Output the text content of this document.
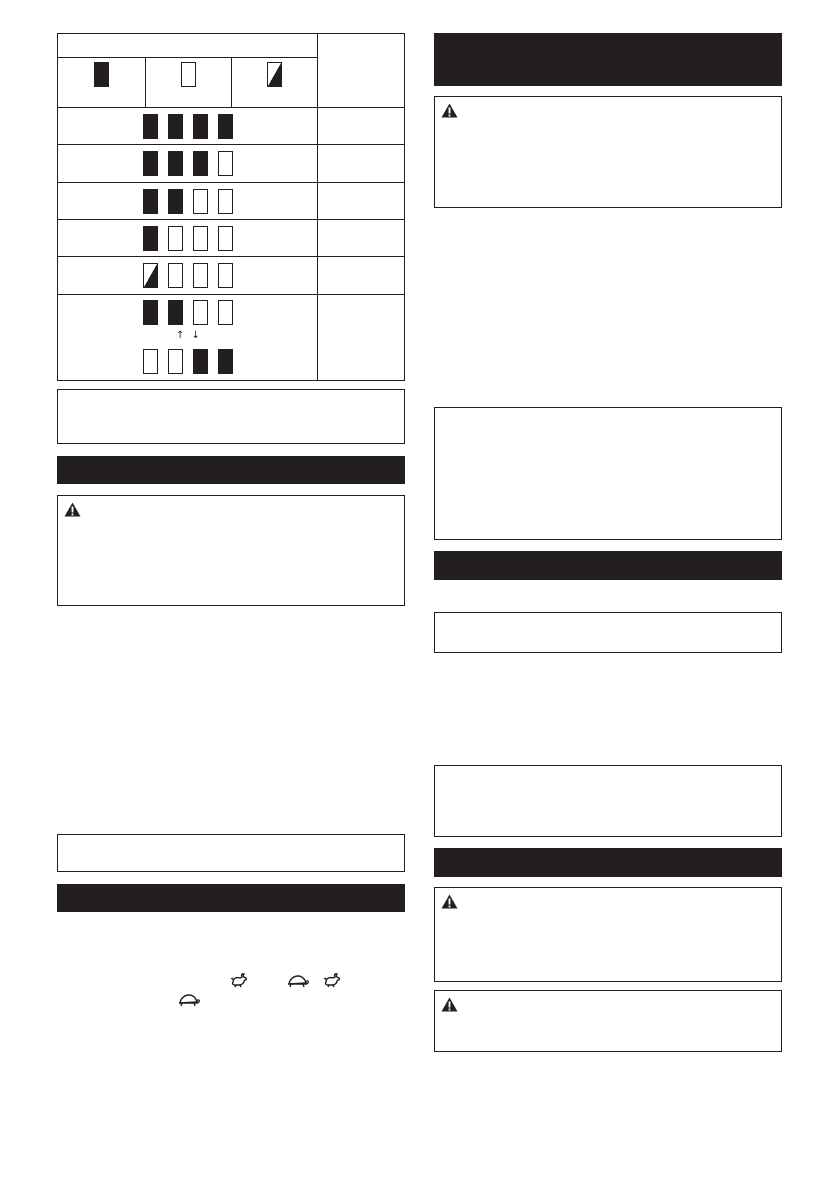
↑ ↓
